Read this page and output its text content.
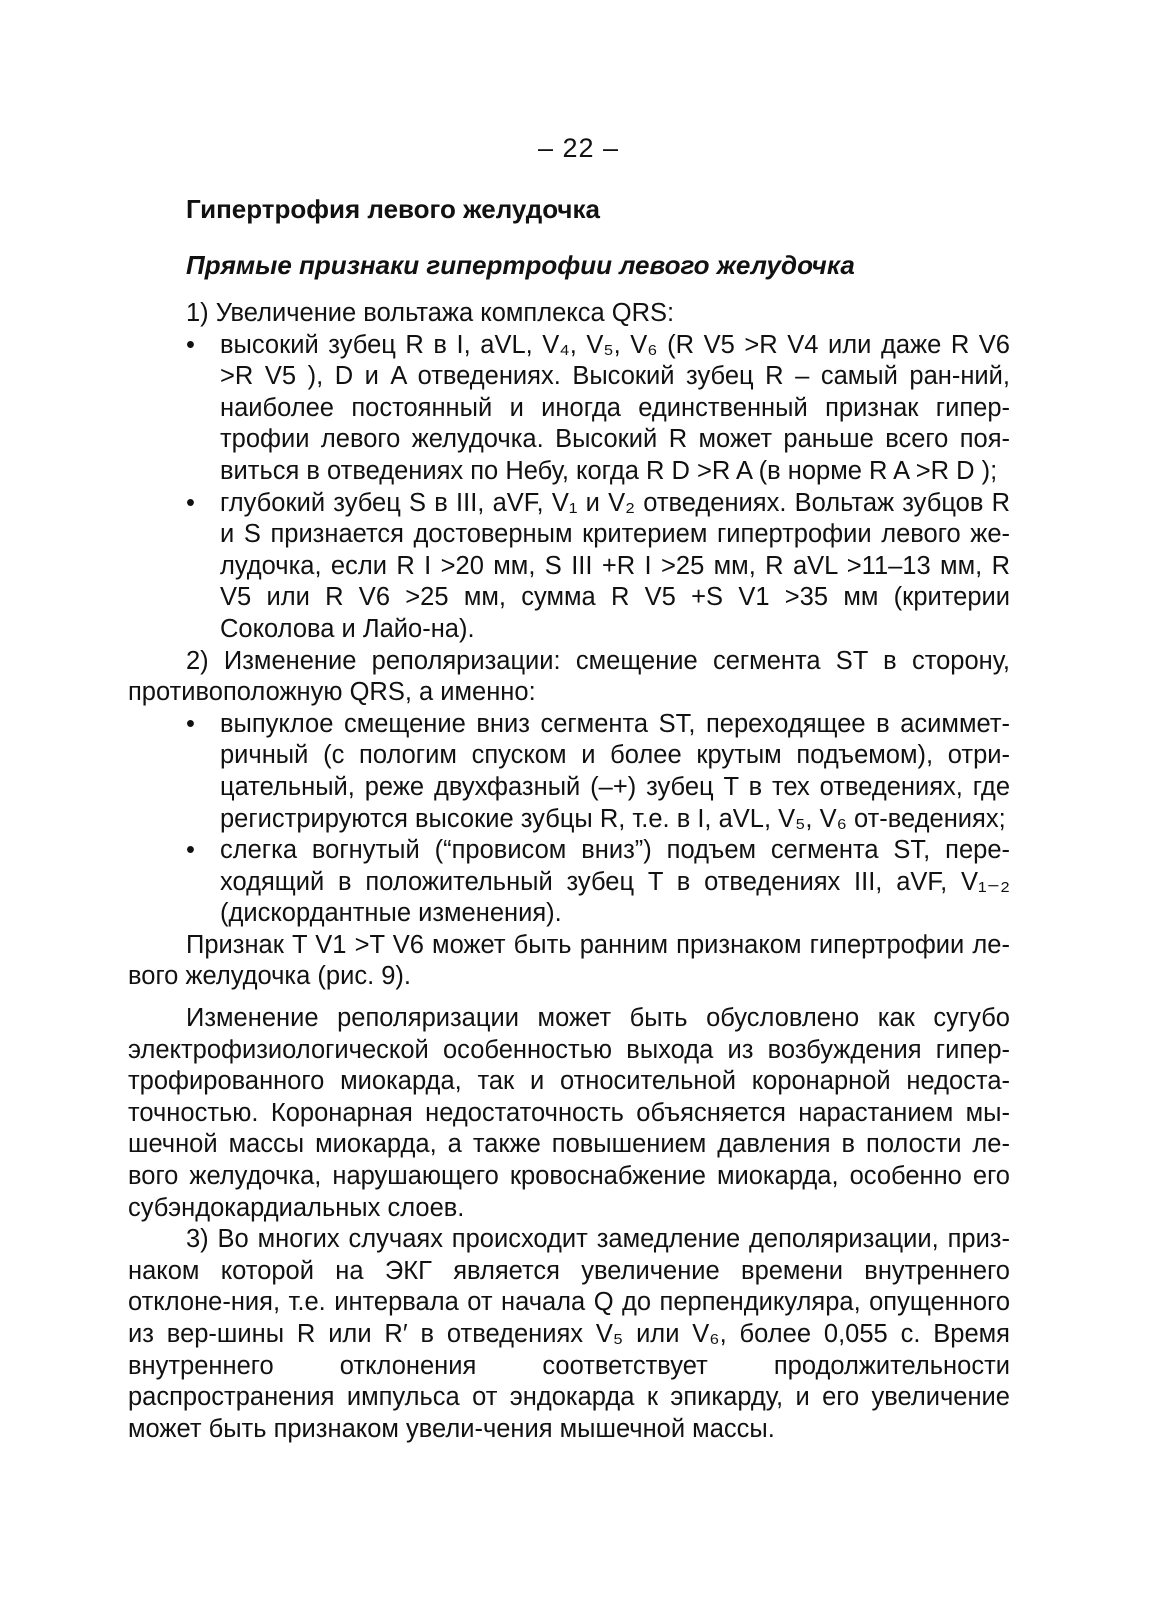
– 22 –
Гипертрофия левого желудочка
Прямые признаки гипертрофии левого желудочка

1) Увеличение вольтажа комплекса QRS:

• высокий зубец R в I, aVL, V₄, V₅, V₆ (R V5 >R V4 или даже R V6 >R V5 ), D и A отведениях. Высокий зубец R – самый ран-ний, наиболее постоянный и иногда единственный признак гипер-трофии левого желудочка. Высокий R может раньше всего поя-виться в отведениях по Небу, когда R D >R A (в норме R A >R D );
• глубокий зубец S в III, aVF, V₁ и V₂ отведениях. Вольтаж зубцов R и S признается достоверным критерием гипертрофии левого же-лудочка, если R I >20 мм, S III +R I >25 мм, R aVL >11–13 мм, R V5 или R V6 >25 мм, сумма R V5 +S V1 >35 мм (критерии Соколова и Лайо-на).

2) Изменение реполяризации: смещение сегмента ST в сторону, противоположную QRS, а именно:

• выпуклое смещение вниз сегмента ST, переходящее в асиммет-ричный (с пологим спуском и более крутым подъемом), отри-цательный, реже двухфазный (–+) зубец T в тех отведениях, где регистрируются высокие зубцы R, т.е. в I, aVL, V₅, V₆ от-ведениях;
• слегка вогнутый (“провисом вниз”) подъем сегмента ST, пере-ходящий в положительный зубец T в отведениях III, aVF, V₁₋₂ (дискордантные изменения).

Признак T V1 >T V6 может быть ранним признаком гипертрофии ле-вого желудочка (рис. 9).

Изменение реполяризации может быть обусловлено как сугубо электрофизиологической особенностью выхода из возбуждения гипер-трофированного миокарда, так и относительной коронарной недоста-точностью. Коронарная недостаточность объясняется нарастанием мы-шечной массы миокарда, а также повышением давления в полости ле-вого желудочка, нарушающего кровоснабжение миокарда, особенно его субэндокардиальных слоев.

3) Во многих случаях происходит замедление деполяризации, приз-наком которой на ЭКГ является увеличение времени внутреннего отклоне-ния, т.е. интервала от начала Q до перпендикуляра, опущенного из вер-шины R или R′ в отведениях V₅ или V₆, более 0,055 с. Время внутреннего отклонения соответствует продолжительности распространения импульса от эндокарда к эпикарду, и его увеличение может быть признаком увели-чения мышечной массы.
